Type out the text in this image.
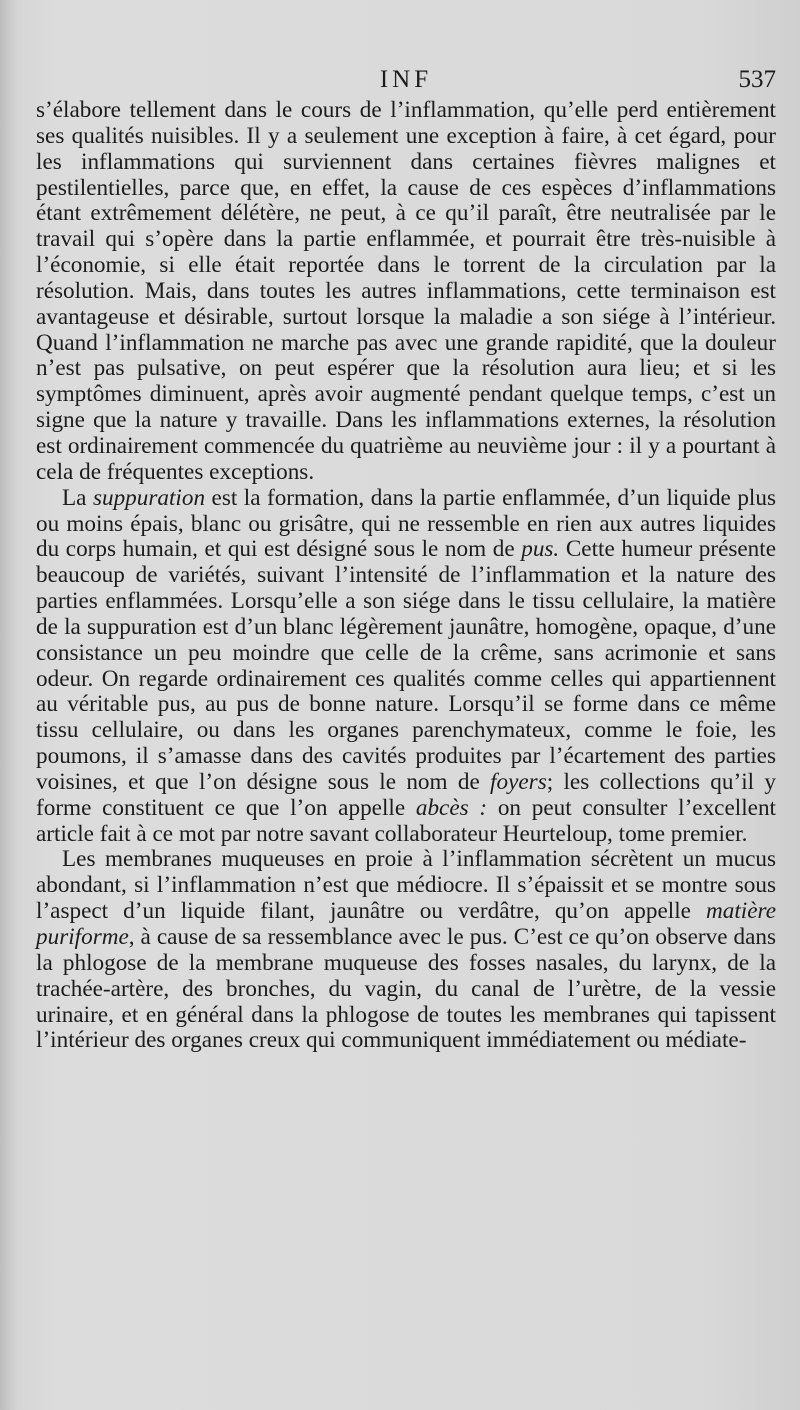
INF	537

s’élabore tellement dans le cours de l’inflammation, qu’elle perd entièrement ses qualités nuisibles. Il y a seulement une exception à faire, à cet égard, pour les inflammations qui surviennent dans certaines fièvres malignes et pestilentielles, parce que, en effet, la cause de ces espèces d’inflammations étant extrêmement délétère, ne peut, à ce qu’il paraît, être neutralisée par le travail qui s’opère dans la partie enflammée, et pourrait être très-nuisible à l’économie, si elle était reportée dans le torrent de la circulation par la résolution. Mais, dans toutes les autres inflammations, cette terminaison est avantageuse et désirable, surtout lorsque la maladie a son siége à l’intérieur. Quand l’inflammation ne marche pas avec une grande rapidité, que la douleur n’est pas pulsative, on peut espérer que la résolution aura lieu; et si les symptômes diminuent, après avoir augmenté pendant quelque temps, c’est un signe que la nature y travaille. Dans les inflammations externes, la résolution est ordinairement commencée du quatrième au neuvième jour : il y a pourtant à cela de fréquentes exceptions.

La suppuration est la formation, dans la partie enflammée, d’un liquide plus ou moins épais, blanc ou grisâtre, qui ne ressemble en rien aux autres liquides du corps humain, et qui est désigné sous le nom de pus. Cette humeur présente beaucoup de variétés, suivant l’intensité de l’inflammation et la nature des parties enflammées. Lorsqu’elle a son siége dans le tissu cellulaire, la matière de la suppuration est d’un blanc légèrement jaunâtre, homogène, opaque, d’une consistance un peu moindre que celle de la crême, sans acrimonie et sans odeur. On regarde ordinairement ces qualités comme celles qui appartiennent au véritable pus, au pus de bonne nature. Lorsqu’il se forme dans ce même tissu cellulaire, ou dans les organes parenchymateux, comme le foie, les poumons, il s’amasse dans des cavités produites par l’écartement des parties voisines, et que l’on désigne sous le nom de foyers; les collections qu’il y forme constituent ce que l’on appelle abcès : on peut consulter l’excellent article fait à ce mot par notre savant collaborateur Heurteloup, tome premier.

Les membranes muqueuses en proie à l’inflammation sécrètent un mucus abondant, si l’inflammation n’est que médiocre. Il s’épaissit et se montre sous l’aspect d’un liquide filant, jaunâtre ou verdâtre, qu’on appelle matière puriforme, à cause de sa ressemblance avec le pus. C’est ce qu’on observe dans la phlogose de la membrane muqueuse des fosses nasales, du larynx, de la trachée-artère, des bronches, du vagin, du canal de l’urètre, de la vessie urinaire, et en général dans la phlogose de toutes les membranes qui tapissent l’intérieur des organes creux qui communiquent immédiatement ou médiate-
